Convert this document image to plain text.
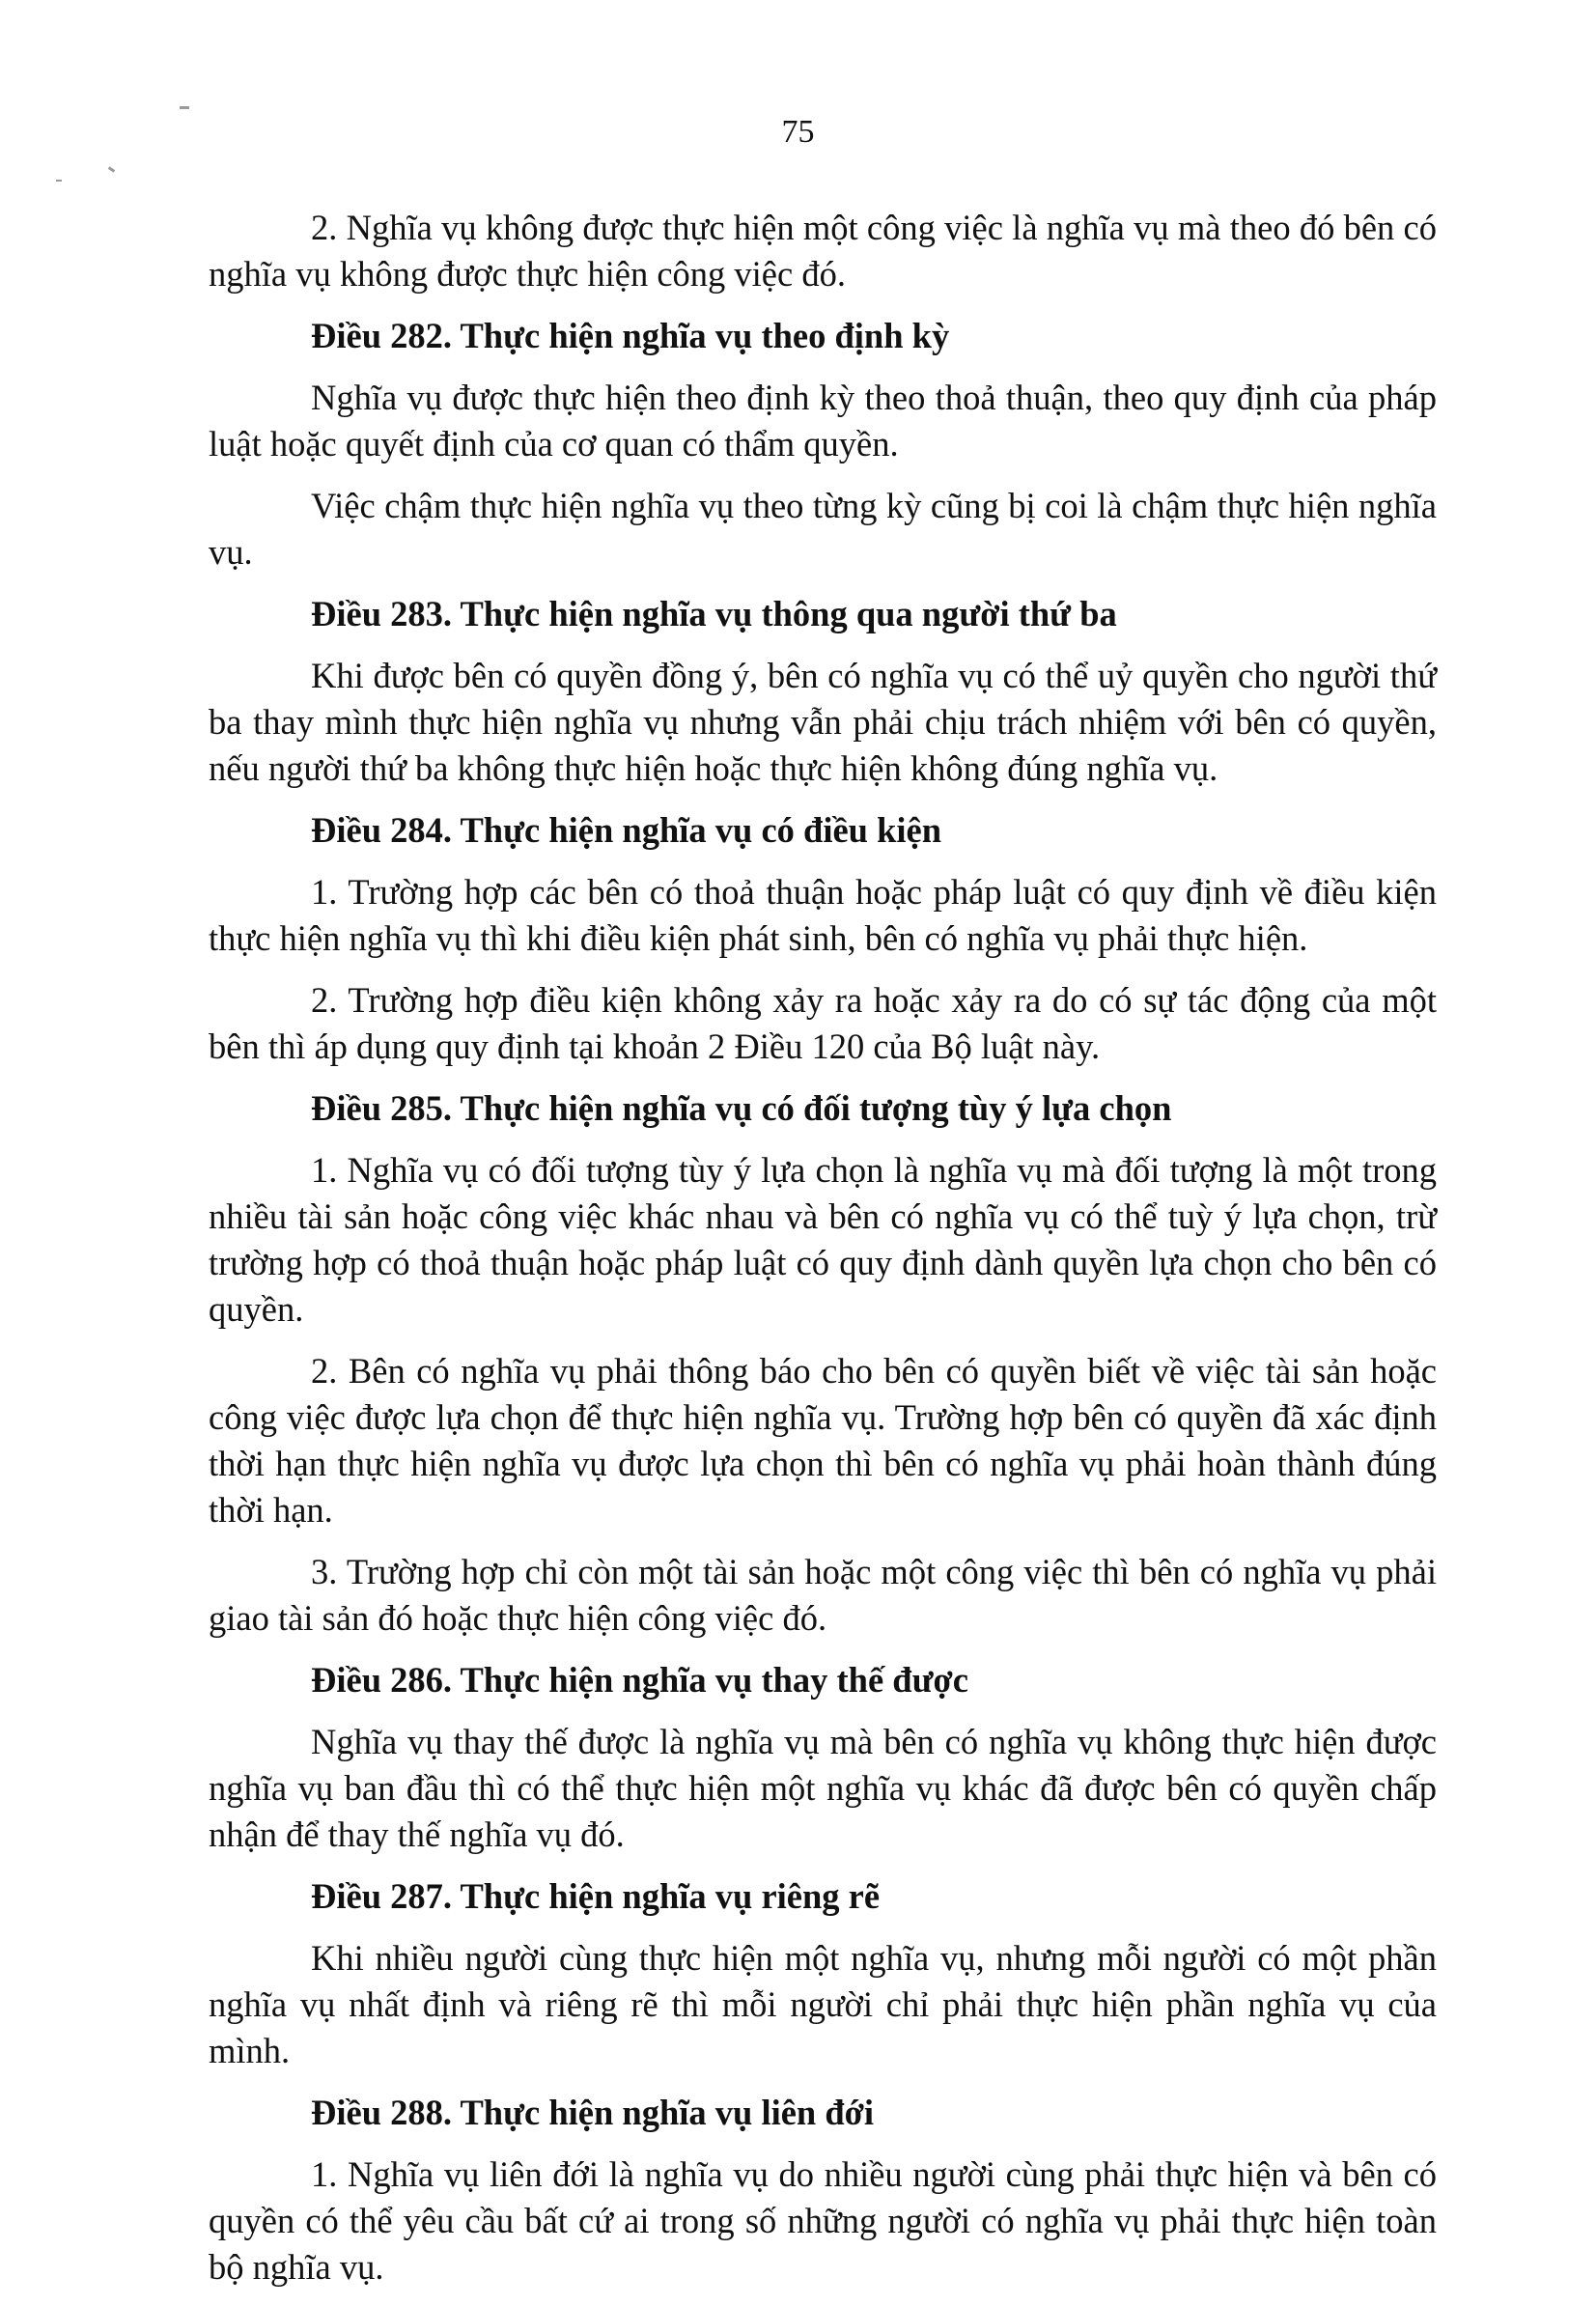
75

2. Nghĩa vụ không được thực hiện một công việc là nghĩa vụ mà theo đó bên có nghĩa vụ không được thực hiện công việc đó.

Điều 282. Thực hiện nghĩa vụ theo định kỳ

Nghĩa vụ được thực hiện theo định kỳ theo thoả thuận, theo quy định của pháp luật hoặc quyết định của cơ quan có thẩm quyền.

Việc chậm thực hiện nghĩa vụ theo từng kỳ cũng bị coi là chậm thực hiện nghĩa vụ.

Điều 283. Thực hiện nghĩa vụ thông qua người thứ ba

Khi được bên có quyền đồng ý, bên có nghĩa vụ có thể uỷ quyền cho người thứ ba thay mình thực hiện nghĩa vụ nhưng vẫn phải chịu trách nhiệm với bên có quyền, nếu người thứ ba không thực hiện hoặc thực hiện không đúng nghĩa vụ.

Điều 284. Thực hiện nghĩa vụ có điều kiện

1. Trường hợp các bên có thoả thuận hoặc pháp luật có quy định về điều kiện thực hiện nghĩa vụ thì khi điều kiện phát sinh, bên có nghĩa vụ phải thực hiện.

2. Trường hợp điều kiện không xảy ra hoặc xảy ra do có sự tác động của một bên thì áp dụng quy định tại khoản 2 Điều 120 của Bộ luật này.

Điều 285. Thực hiện nghĩa vụ có đối tượng tùy ý lựa chọn

1. Nghĩa vụ có đối tượng tùy ý lựa chọn là nghĩa vụ mà đối tượng là một trong nhiều tài sản hoặc công việc khác nhau và bên có nghĩa vụ có thể tuỳ ý lựa chọn, trừ trường hợp có thoả thuận hoặc pháp luật có quy định dành quyền lựa chọn cho bên có quyền.

2. Bên có nghĩa vụ phải thông báo cho bên có quyền biết về việc tài sản hoặc công việc được lựa chọn để thực hiện nghĩa vụ. Trường hợp bên có quyền đã xác định thời hạn thực hiện nghĩa vụ được lựa chọn thì bên có nghĩa vụ phải hoàn thành đúng thời hạn.

3. Trường hợp chỉ còn một tài sản hoặc một công việc thì bên có nghĩa vụ phải giao tài sản đó hoặc thực hiện công việc đó.

Điều 286. Thực hiện nghĩa vụ thay thế được

Nghĩa vụ thay thế được là nghĩa vụ mà bên có nghĩa vụ không thực hiện được nghĩa vụ ban đầu thì có thể thực hiện một nghĩa vụ khác đã được bên có quyền chấp nhận để thay thế nghĩa vụ đó.

Điều 287. Thực hiện nghĩa vụ riêng rẽ

Khi nhiều người cùng thực hiện một nghĩa vụ, nhưng mỗi người có một phần nghĩa vụ nhất định và riêng rẽ thì mỗi người chỉ phải thực hiện phần nghĩa vụ của mình.

Điều 288. Thực hiện nghĩa vụ liên đới

1. Nghĩa vụ liên đới là nghĩa vụ do nhiều người cùng phải thực hiện và bên có quyền có thể yêu cầu bất cứ ai trong số những người có nghĩa vụ phải thực hiện toàn bộ nghĩa vụ.
